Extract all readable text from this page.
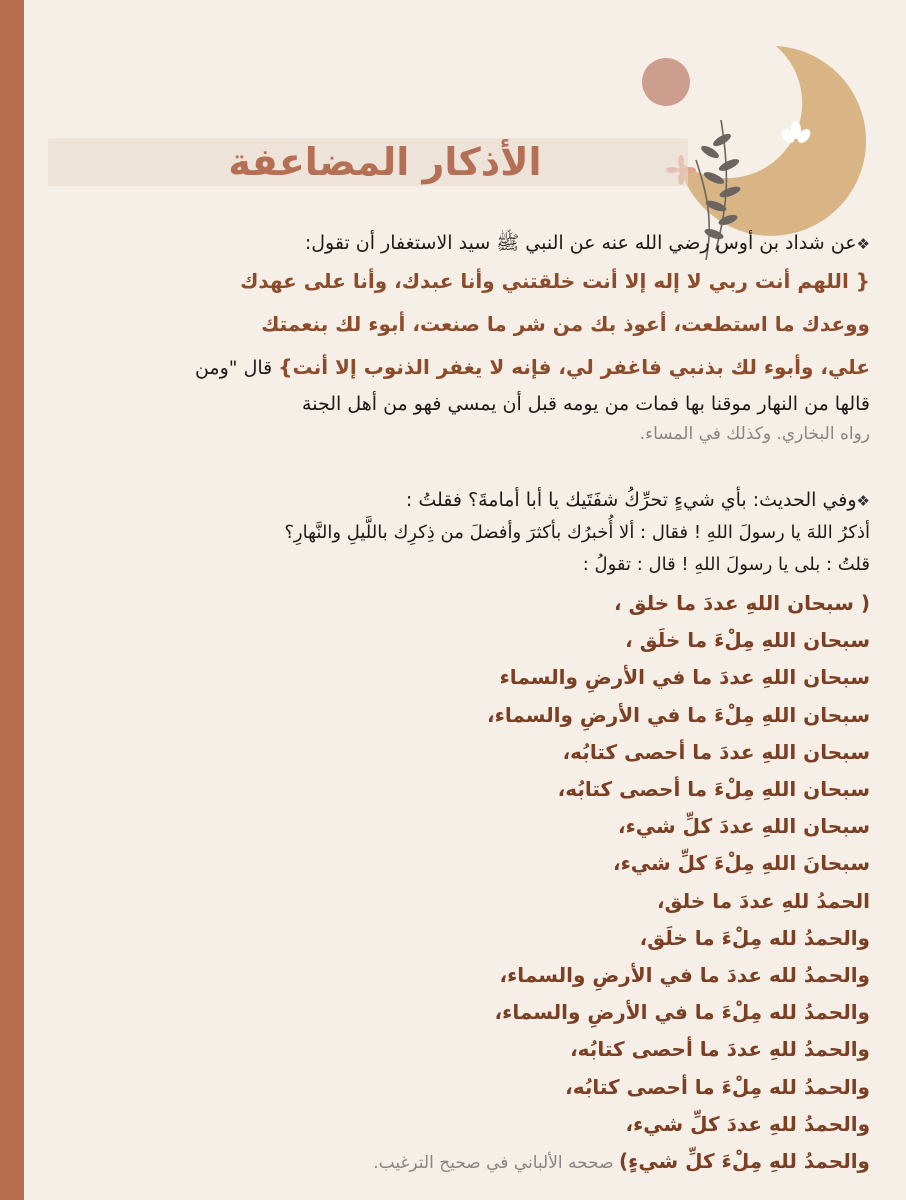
الأذكار المضاعفة

❖عن شداد بن أوس رضي الله عنه عن النبي ﷺ سيد الاستغفار أن تقول:

{ اللهم أنت ربي لا إله إلا أنت خلقتني وأنا عبدك، وأنا على عهدك

ووعدك ما استطعت، أعوذ بك من شر ما صنعت، أبوء لك بنعمتك

علي، وأبوء لك بذنبي فاغفر لي، فإنه لا يغفر الذنوب إلا أنت} قال "ومن

قالها من النهار موقنا بها فمات من يومه قبل أن يمسي فهو من أهل الجنة

رواه البخاري. وكذلك في المساء.

❖وفي الحديث: بأي شيءٍ تحرِّكُ شفَتَيك يا أبا أمامةَ؟ فقلتُ :

أذكرُ اللهَ يا رسولَ اللهِ ! فقال : ألا أُخبرُك بأكثرَ وأفضلَ من ذِكرِك باللَّيلِ والنَّهارِ؟

قلتُ : بلى يا رسولَ اللهِ ! قال : تقولُ :

( سبحان اللهِ عددَ ما خلق ،
سبحان اللهِ مِلْءَ ما خلَق ،
سبحان اللهِ عددَ ما في الأرضِ والسماء
سبحان اللهِ مِلْءَ ما في الأرضِ والسماء،
سبحان اللهِ عددَ ما أحصى كتابُه،
سبحان اللهِ مِلْءَ ما أحصى كتابُه،
سبحان اللهِ عددَ كلِّ شيء،
سبحانَ اللهِ مِلْءَ كلِّ شيء،
الحمدُ للهِ عددَ ما خلق،
والحمدُ لله مِلْءَ ما خلَق،
والحمدُ لله عددَ ما في الأرضِ والسماء،
والحمدُ لله مِلْءَ ما في الأرضِ والسماء،
والحمدُ للهِ عددَ ما أحصى كتابُه،
والحمدُ لله مِلْءَ ما أحصى كتابُه،
والحمدُ للهِ عددَ كلِّ شيء،
والحمدُ للهِ مِلْءَ كلِّ شيءٍ) صححه الألباني في صحيح الترغيب.
